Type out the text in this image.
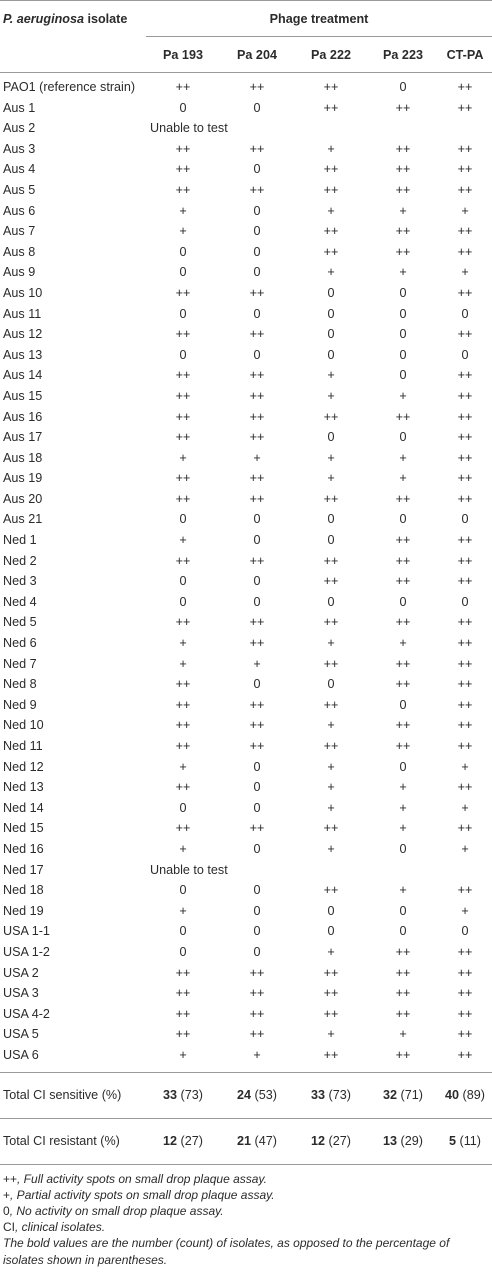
P. aeruginosa isolate	Phage treatment				
	Pa 193	Pa 204	Pa 222	Pa 223	CT-PA
PAO1 (reference strain)	++	++	++	0	++
Aus 1	0	0	++	++	++
Aus 2	Unable to test				
Aus 3	++	++	+	++	++
Aus 4	++	0	++	++	++
Aus 5	++	++	++	++	++
Aus 6	+	0	+	+	+
Aus 7	+	0	++	++	++
Aus 8	0	0	++	++	++
Aus 9	0	0	+	+	+
Aus 10	++	++	0	0	++
Aus 11	0	0	0	0	0
Aus 12	++	++	0	0	++
Aus 13	0	0	0	0	0
Aus 14	++	++	+	0	++
Aus 15	++	++	+	+	++
Aus 16	++	++	++	++	++
Aus 17	++	++	0	0	++
Aus 18	+	+	+	+	++
Aus 19	++	++	+	+	++
Aus 20	++	++	++	++	++
Aus 21	0	0	0	0	0
Ned 1	+	0	0	++	++
Ned 2	++	++	++	++	++
Ned 3	0	0	++	++	++
Ned 4	0	0	0	0	0
Ned 5	++	++	++	++	++
Ned 6	+	++	+	+	++
Ned 7	+	+	++	++	++
Ned 8	++	0	0	++	++
Ned 9	++	++	++	0	++
Ned 10	++	++	+	++	++
Ned 11	++	++	++	++	++
Ned 12	+	0	+	0	+
Ned 13	++	0	+	+	++
Ned 14	0	0	+	+	+
Ned 15	++	++	++	+	++
Ned 16	+	0	+	0	+
Ned 17	Unable to test				
Ned 18	0	0	++	+	++
Ned 19	+	0	0	0	+
USA 1-1	0	0	0	0	0
USA 1-2	0	0	+	++	++
USA 2	++	++	++	++	++
USA 3	++	++	++	++	++
USA 4-2	++	++	++	++	++
USA 5	++	++	+	+	++
USA 6	+	+	++	++	++
Total CI sensitive (%)	33 (73)	24 (53)	33 (73)	32 (71)	40 (89)
Total CI resistant (%)	12 (27)	21 (47)	12 (27)	13 (29)	5 (11)
++, Full activity spots on small drop plaque assay.
+, Partial activity spots on small drop plaque assay.
0, No activity on small drop plaque assay.
CI, clinical isolates.
The bold values are the number (count) of isolates, as opposed to the percentage of isolates shown in parentheses.
